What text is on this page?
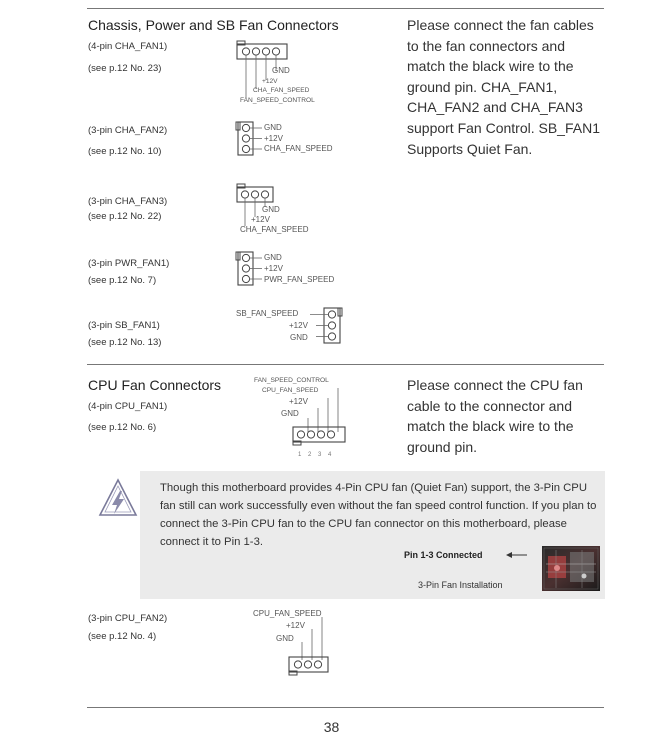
Chassis, Power and SB Fan Connectors	Please connect the fan cables
to the fan connectors and
match the black wire to the
ground pin. CHA_FAN1,
CHA_FAN2 and CHA_FAN3
support Fan Control. SB_FAN1
Supports Quiet Fan.
(4-pin CHA_FAN1)
(see p.12 No. 23)	GND
+12V
CHA_FAN_SPEED
FAN_SPEED_CONTROL
(3-pin CHA_FAN2)
(see p.12 No. 10)
GND
+12V
CHA_FAN_SPEED
(3-pin CHA_FAN3)
(see p.12 No. 22)
GND
+12V
CHA_FAN_SPEED
(3-pin PWR_FAN1)
(see p.12 No. 7)
GND
+12V
PWR_FAN_SPEED
(3-pin SB_FAN1)
(see p.12 No. 13)
SB_FAN_SPEED
+12V
GND
CPU Fan Connectors	Please connect the CPU fan
cable to the connector and
match the black wire to the
ground pin.
(4-pin CPU_FAN1)
(see p.12 No. 6)
FAN_SPEED_CONTROL
CPU_FAN_SPEED
+12V
GND
1 2 3 4
Though this motherboard provides 4-Pin CPU fan (Quiet Fan) support, the 3-Pin CPU fan still can work successfully even without the fan speed control function. If you plan to connect the 3-Pin CPU fan to the CPU fan connector on this motherboard, please connect it to Pin 1-3.
Pin 1-3 Connected
3-Pin Fan Installation
(3-pin CPU_FAN2)
(see p.12 No. 4)
CPU_FAN_SPEED
+12V
GND
38
